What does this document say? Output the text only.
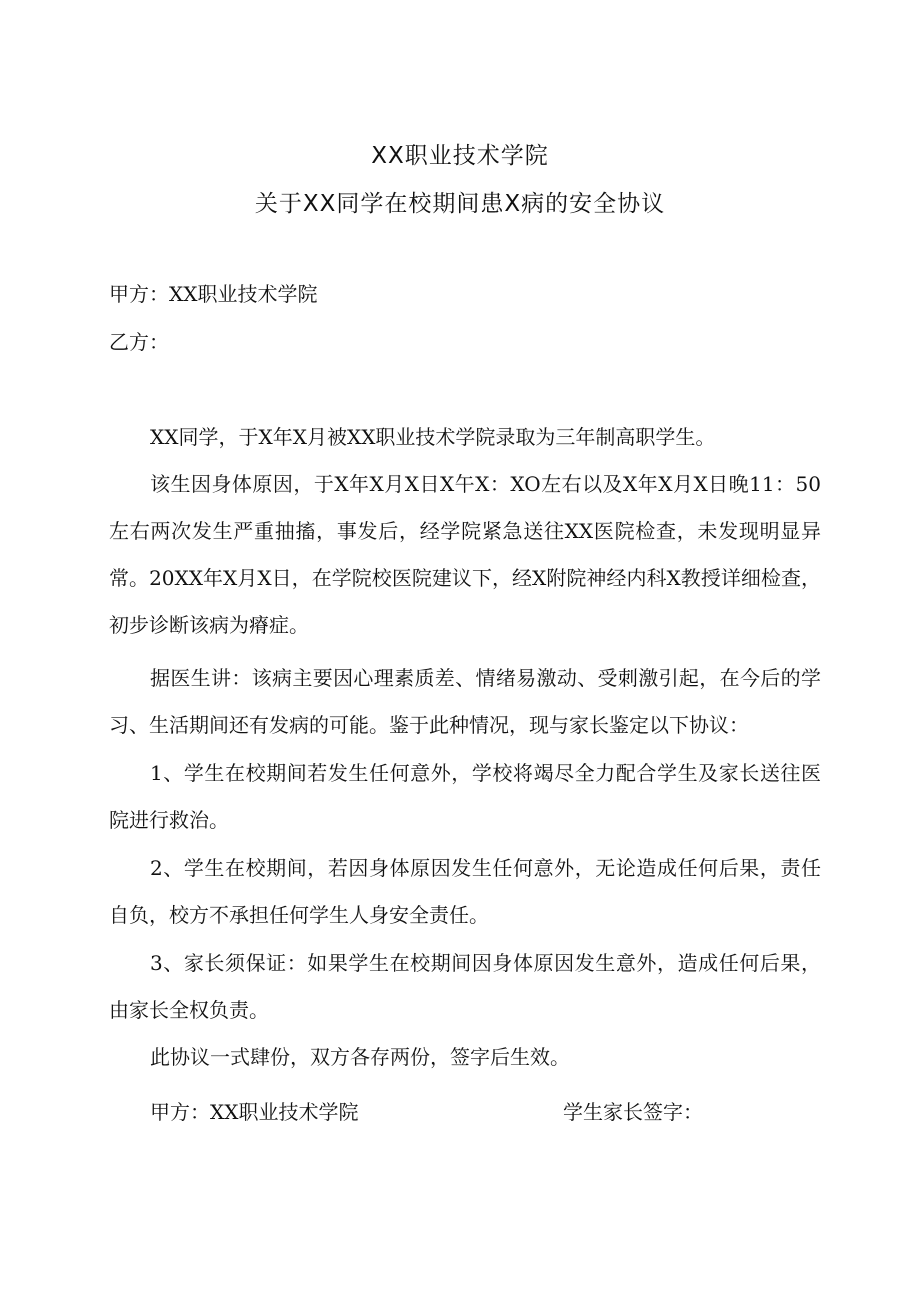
XX职业技术学院
关于XX同学在校期间患X病的安全协议
甲方：XX职业技术学院
乙方：
XX同学，于X年X月被XX职业技术学院录取为三年制高职学生。
该生因身体原因，于X年X月X日X午X：XO左右以及X年X月X日晚11：50左右两次发生严重抽搐，事发后，经学院紧急送往XX医院检查，未发现明显异常。20XX年X月X日，在学院校医院建议下，经X附院神经内科X教授详细检查，初步诊断该病为瘠症。
据医生讲：该病主要因心理素质差、情绪易激动、受刺激引起，在今后的学习、生活期间还有发病的可能。鉴于此种情况，现与家长鉴定以下协议：
1、学生在校期间若发生任何意外，学校将竭尽全力配合学生及家长送往医院进行救治。
2、学生在校期间，若因身体原因发生任何意外，无论造成任何后果，责任自负，校方不承担任何学生人身安全责任。
3、家长须保证：如果学生在校期间因身体原因发生意外，造成任何后果，由家长全权负责。
此协议一式肆份，双方各存两份，签字后生效。
甲方：XX职业技术学院	学生家长签字：
